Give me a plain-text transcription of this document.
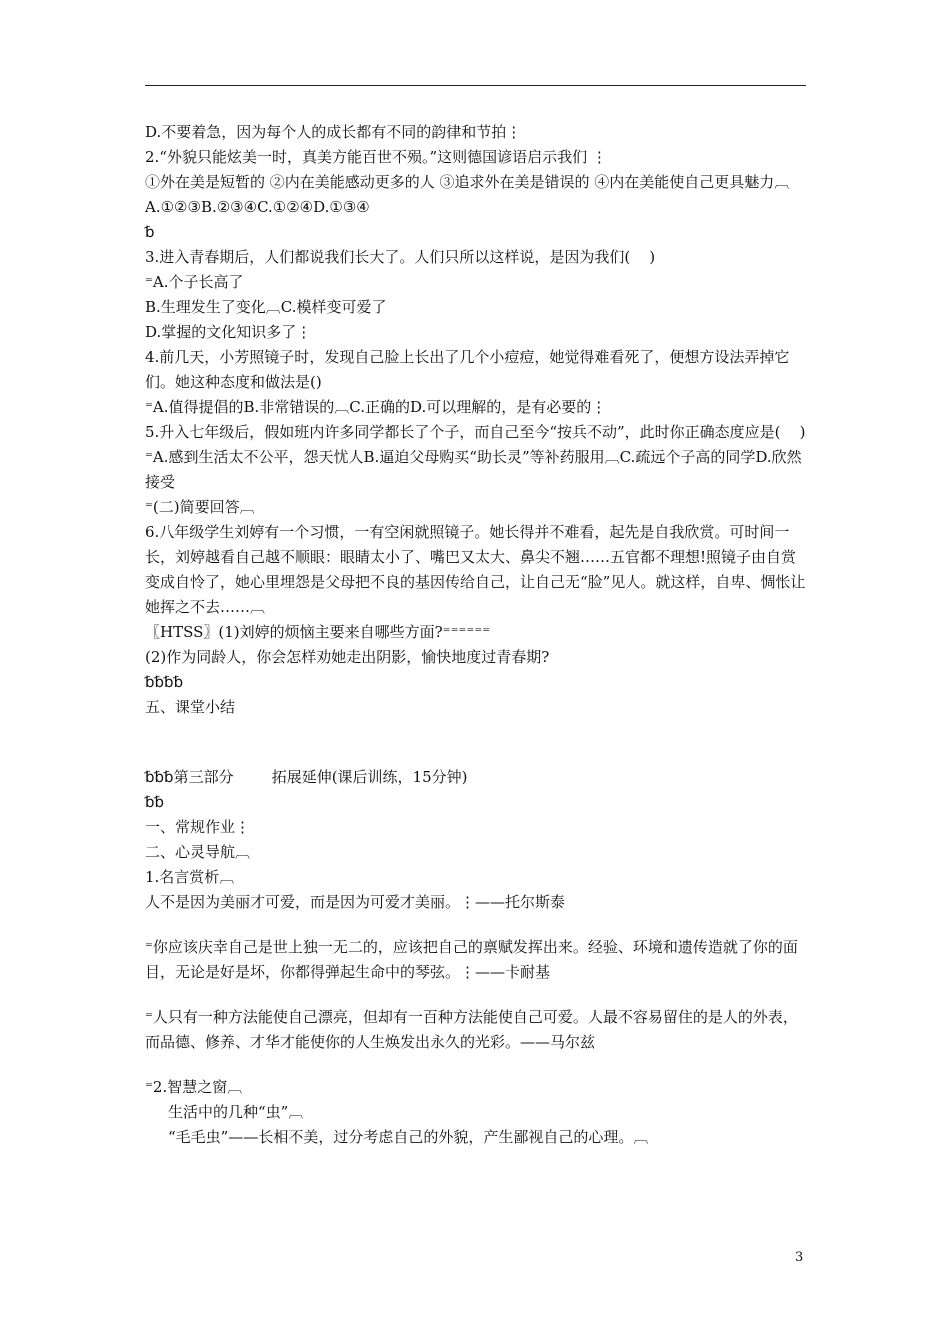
D.不要着急，因为每个人的成长都有不同的韵律和节拍⋮
2.“外貌只能炫美一时，真美方能百世不殒。”这则德国谚语启示我们 ⋮
①外在美是短暂的 ②内在美能感动更多的人 ③追求外在美是错误的 ④内在美能使自己更具魅力︹
A.①②③B.②③④C.①②④D.①③④
␢
3.进入青春期后，人们都说我们长大了。人们只所以这样说，是因为我们(    )
⁼A.个子长高了
B.生理发生了变化︹C.模样变可爱了
D.掌握的文化知识多了⋮
4.前几天，小芳照镜子时，发现自己脸上长出了几个小痘痘，她觉得难看死了，便想方设法弄掉它们。她这种态度和做法是()
⁼A.值得提倡的B.非常错误的︹C.正确的D.可以理解的，是有必要的⋮
5.升入七年级后，假如班内许多同学都长了个子，而自己至今“按兵不动”，此时你正确态度应是(    )
⁼A.感到生活太不公平，怨天忧人B.逼迫父母购买“助长灵”等补药服用︹C.疏远个子高的同学D.欣然接受
⁼(二)简要回答︹
6.八年级学生刘婷有一个习惯，一有空闲就照镜子。她长得并不难看，起先是自我欣赏。可时间一长，刘婷越看自己越不顺眼：眼睛太小了、嘴巴又太大、鼻尖不翘……五官都不理想!照镜子由自赏变成自怜了，她心里埋怨是父母把不良的基因传给自己，让自己无“脸”见人。就这样，自卑、惆怅让她挥之不去……︹
〖HTSS〗(1)刘婷的烦恼主要来自哪些方面?⁼⁼⁼⁼⁼⁼
(2)作为同龄人，你会怎样劝她走出阴影，愉快地度过青春期?
␢␢␢␢
五、课堂小结
␢␢␢第三部分        拓展延伸(课后训练，15分钟)
␢␢
一、常规作业⋮
二、心灵导航︹
1.名言赏析︹
人不是因为美丽才可爱，而是因为可爱才美丽。⋮——托尔斯泰
⁼你应该庆幸自己是世上独一无二的，应该把自己的禀赋发挥出来。经验、环境和遗传造就了你的面目，无论是好是坏，你都得弹起生命中的琴弦。⋮——卡耐基
⁼人只有一种方法能使自己漂亮，但却有一百种方法能使自己可爱。人最不容易留住的是人的外表，而品德、修养、才华才能使你的人生焕发出永久的光彩。——马尔兹
⁼2.智慧之窗︹
生活中的几种“虫”︹
“毛毛虫”——长相不美，过分考虑自己的外貌，产生鄙视自己的心理。︹
3
